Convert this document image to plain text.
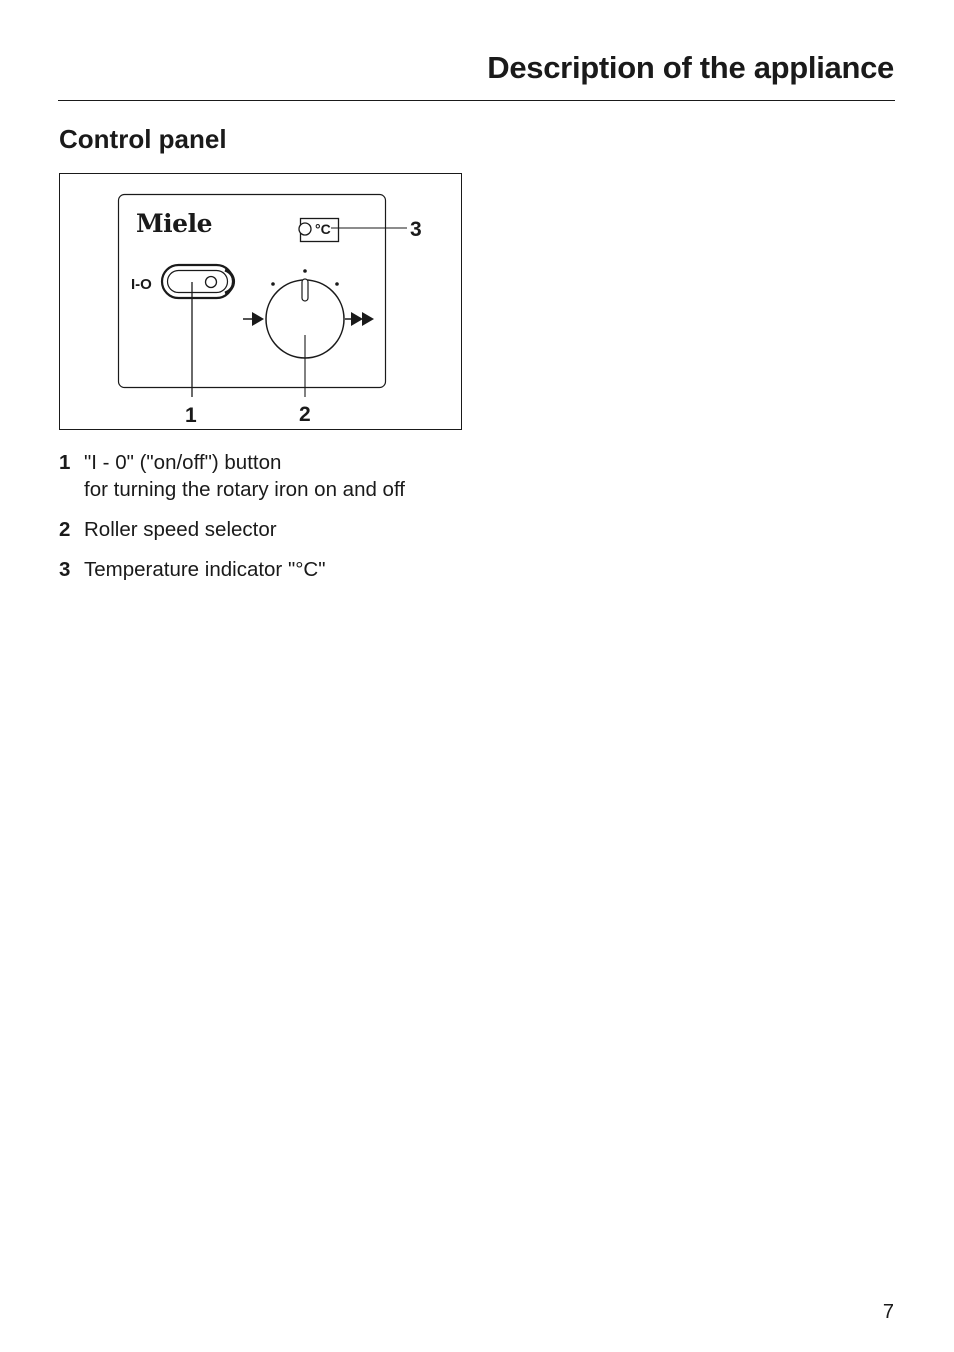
Description of the appliance
Control panel
Miele	°C
I-O
1	2
3
1 "I - 0" ("on/off") button
for turning the rotary iron on and off
2 Roller speed selector
3 Temperature indicator "°C"
7
